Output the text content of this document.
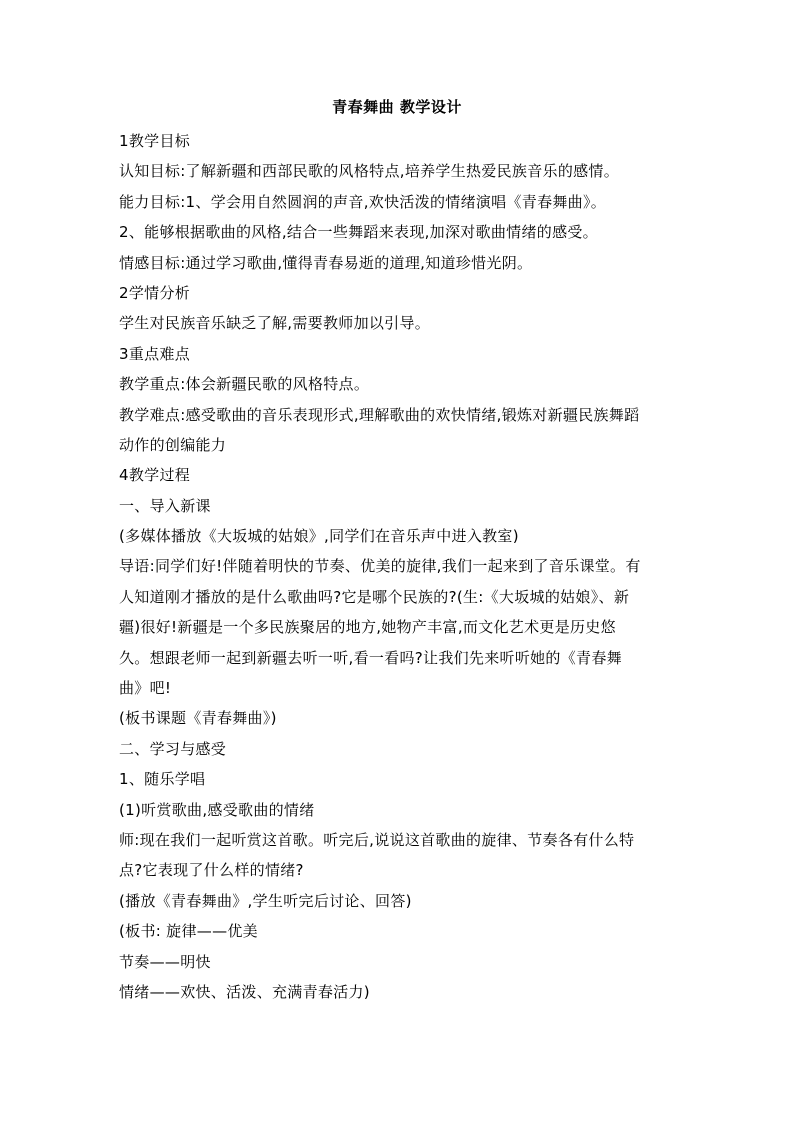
青春舞曲 教学设计
1教学目标
认知目标:了解新疆和西部民歌的风格特点,培养学生热爱民族音乐的感情。
能力目标:1、学会用自然圆润的声音,欢快活泼的情绪演唱《青春舞曲》。
2、能够根据歌曲的风格,结合一些舞蹈来表现,加深对歌曲情绪的感受。
情感目标:通过学习歌曲,懂得青春易逝的道理,知道珍惜光阴。
2学情分析
学生对民族音乐缺乏了解,需要教师加以引导。
3重点难点
教学重点:体会新疆民歌的风格特点。
教学难点:感受歌曲的音乐表现形式,理解歌曲的欢快情绪,锻炼对新疆民族舞蹈
动作的创编能力
4教学过程
一、导入新课
(多媒体播放《大坂城的姑娘》,同学们在音乐声中进入教室)
导语:同学们好!伴随着明快的节奏、优美的旋律,我们一起来到了音乐课堂。有
人知道刚才播放的是什么歌曲吗?它是哪个民族的?(生:《大坂城的姑娘》、新
疆)很好!新疆是一个多民族聚居的地方,她物产丰富,而文化艺术更是历史悠
久。想跟老师一起到新疆去听一听,看一看吗?让我们先来听听她的《青春舞
曲》吧!
(板书课题《青春舞曲》)
二、学习与感受
1、随乐学唱
(1)听赏歌曲,感受歌曲的情绪
师:现在我们一起听赏这首歌。听完后,说说这首歌曲的旋律、节奏各有什么特
点?它表现了什么样的情绪?
(播放《青春舞曲》,学生听完后讨论、回答)
(板书: 旋律——优美
节奏——明快
情绪——欢快、活泼、充满青春活力)
